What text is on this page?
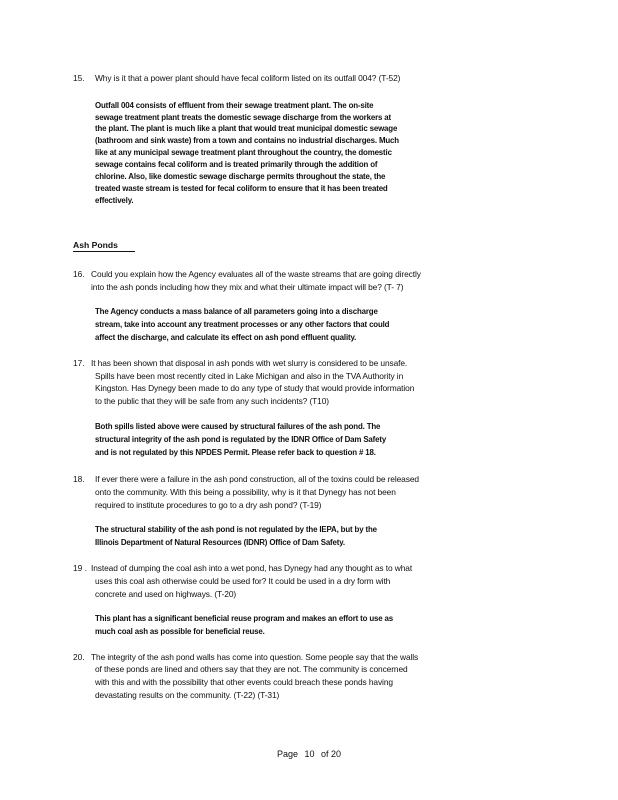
15. Why is it that a power plant should have fecal coliform listed on its outfall 004? (T-52)
Outfall 004 consists of effluent from their sewage treatment plant. The on-site
sewage treatment plant treats the domestic sewage discharge from the workers at
the plant. The plant is much like a plant that would treat municipal domestic sewage
(bathroom and sink waste) from a town and contains no industrial discharges. Much
like at any municipal sewage treatment plant throughout the country, the domestic
sewage contains fecal coliform and is treated primarily through the addition of
chlorine. Also, like domestic sewage discharge permits throughout the state, the
treated waste stream is tested for fecal coliform to ensure that it has been treated
effectively.
Ash Ponds
16. Could you explain how the Agency evaluates all of the waste streams that are going directly
into the ash ponds including how they mix and what their ultimate impact will be? (T- 7)
The Agency conducts a mass balance of all parameters going into a discharge
stream, take into account any treatment processes or any other factors that could
affect the discharge, and calculate its effect on ash pond effluent quality.
17. It has been shown that disposal in ash ponds with wet slurry is considered to be unsafe.
Spills have been most recently cited in Lake Michigan and also in the TVA Authority in
Kingston. Has Dynegy been made to do any type of study that would provide information
to the public that they will be safe from any such incidents? (T10)
Both spills listed above were caused by structural failures of the ash pond. The
structural integrity of the ash pond is regulated by the IDNR Office of Dam Safety
and is not regulated by this NPDES Permit. Please refer back to question # 18.
18. If ever there were a failure in the ash pond construction, all of the toxins could be released
onto the community. With this being a possibility, why is it that Dynegy has not been
required to institute procedures to go to a dry ash pond? (T-19)
The structural stability of the ash pond is not regulated by the IEPA, but by the
Illinois Department of Natural Resources (IDNR) Office of Dam Safety.
19 . Instead of dumping the coal ash into a wet pond, has Dynegy had any thought as to what
uses this coal ash otherwise could be used for? It could be used in a dry form with
concrete and used on highways. (T-20)
This plant has a significant beneficial reuse program and makes an effort to use as
much coal ash as possible for beneficial reuse.
20. The integrity of the ash pond walls has come into question. Some people say that the walls
of these ponds are lined and others say that they are not. The community is concerned
with this and with the possibility that other events could breach these ponds having
devastating results on the community. (T-22) (T-31)
Page 10 of 20
